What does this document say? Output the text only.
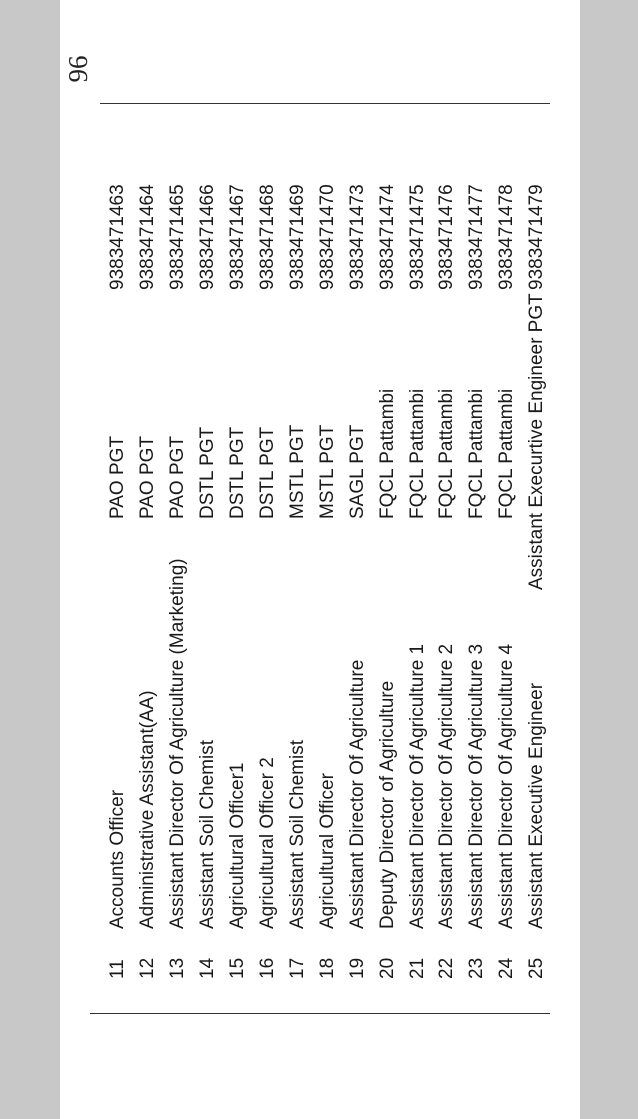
96
11
Accounts Officer
PAO PGT
9383471463
12
Administrative Assistant(AA)
PAO PGT
9383471464
13
Assistant Director Of Agriculture (Marketing)
PAO PGT
9383471465
14
Assistant Soil Chemist
DSTL PGT
9383471466
15
Agricultural Officer1
DSTL PGT
9383471467
16
Agricultural Officer 2
DSTL PGT
9383471468
17
Assistant Soil Chemist
MSTL PGT
9383471469
18
Agricultural Officer
MSTL PGT
9383471470
19
Assistant Director Of Agriculture
SAGL PGT
9383471473
20
Deputy Director of Agriculture
FQCL Pattambi
9383471474
21
Assistant Director Of Agriculture 1
FQCL Pattambi
9383471475
22
Assistant Director Of Agriculture 2
FQCL Pattambi
9383471476
23
Assistant Director Of Agriculture 3
FQCL Pattambi
9383471477
24
Assistant Director Of Agriculture 4
FQCL Pattambi
9383471478
25
Assistant Executive Engineer
Assistant Execurtive Engineer PGT
9383471479
